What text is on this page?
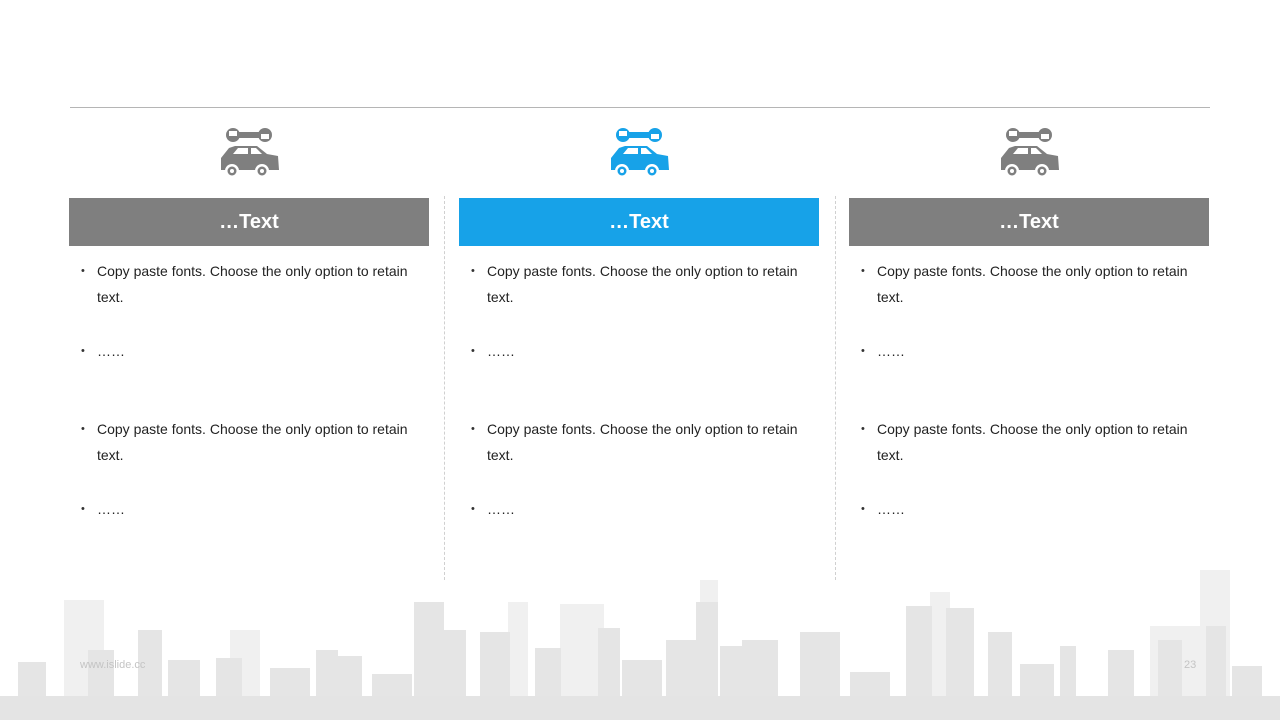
…Text
• Copy paste fonts. Choose the only option to retain text.
• ……
• Copy paste fonts. Choose the only option to retain text.
• ……
…Text
• Copy paste fonts. Choose the only option to retain text.
• ……
• Copy paste fonts. Choose the only option to retain text.
• ……
…Text
• Copy paste fonts. Choose the only option to retain text.
• ……
• Copy paste fonts. Choose the only option to retain text.
• ……
www.islide.cc	23
